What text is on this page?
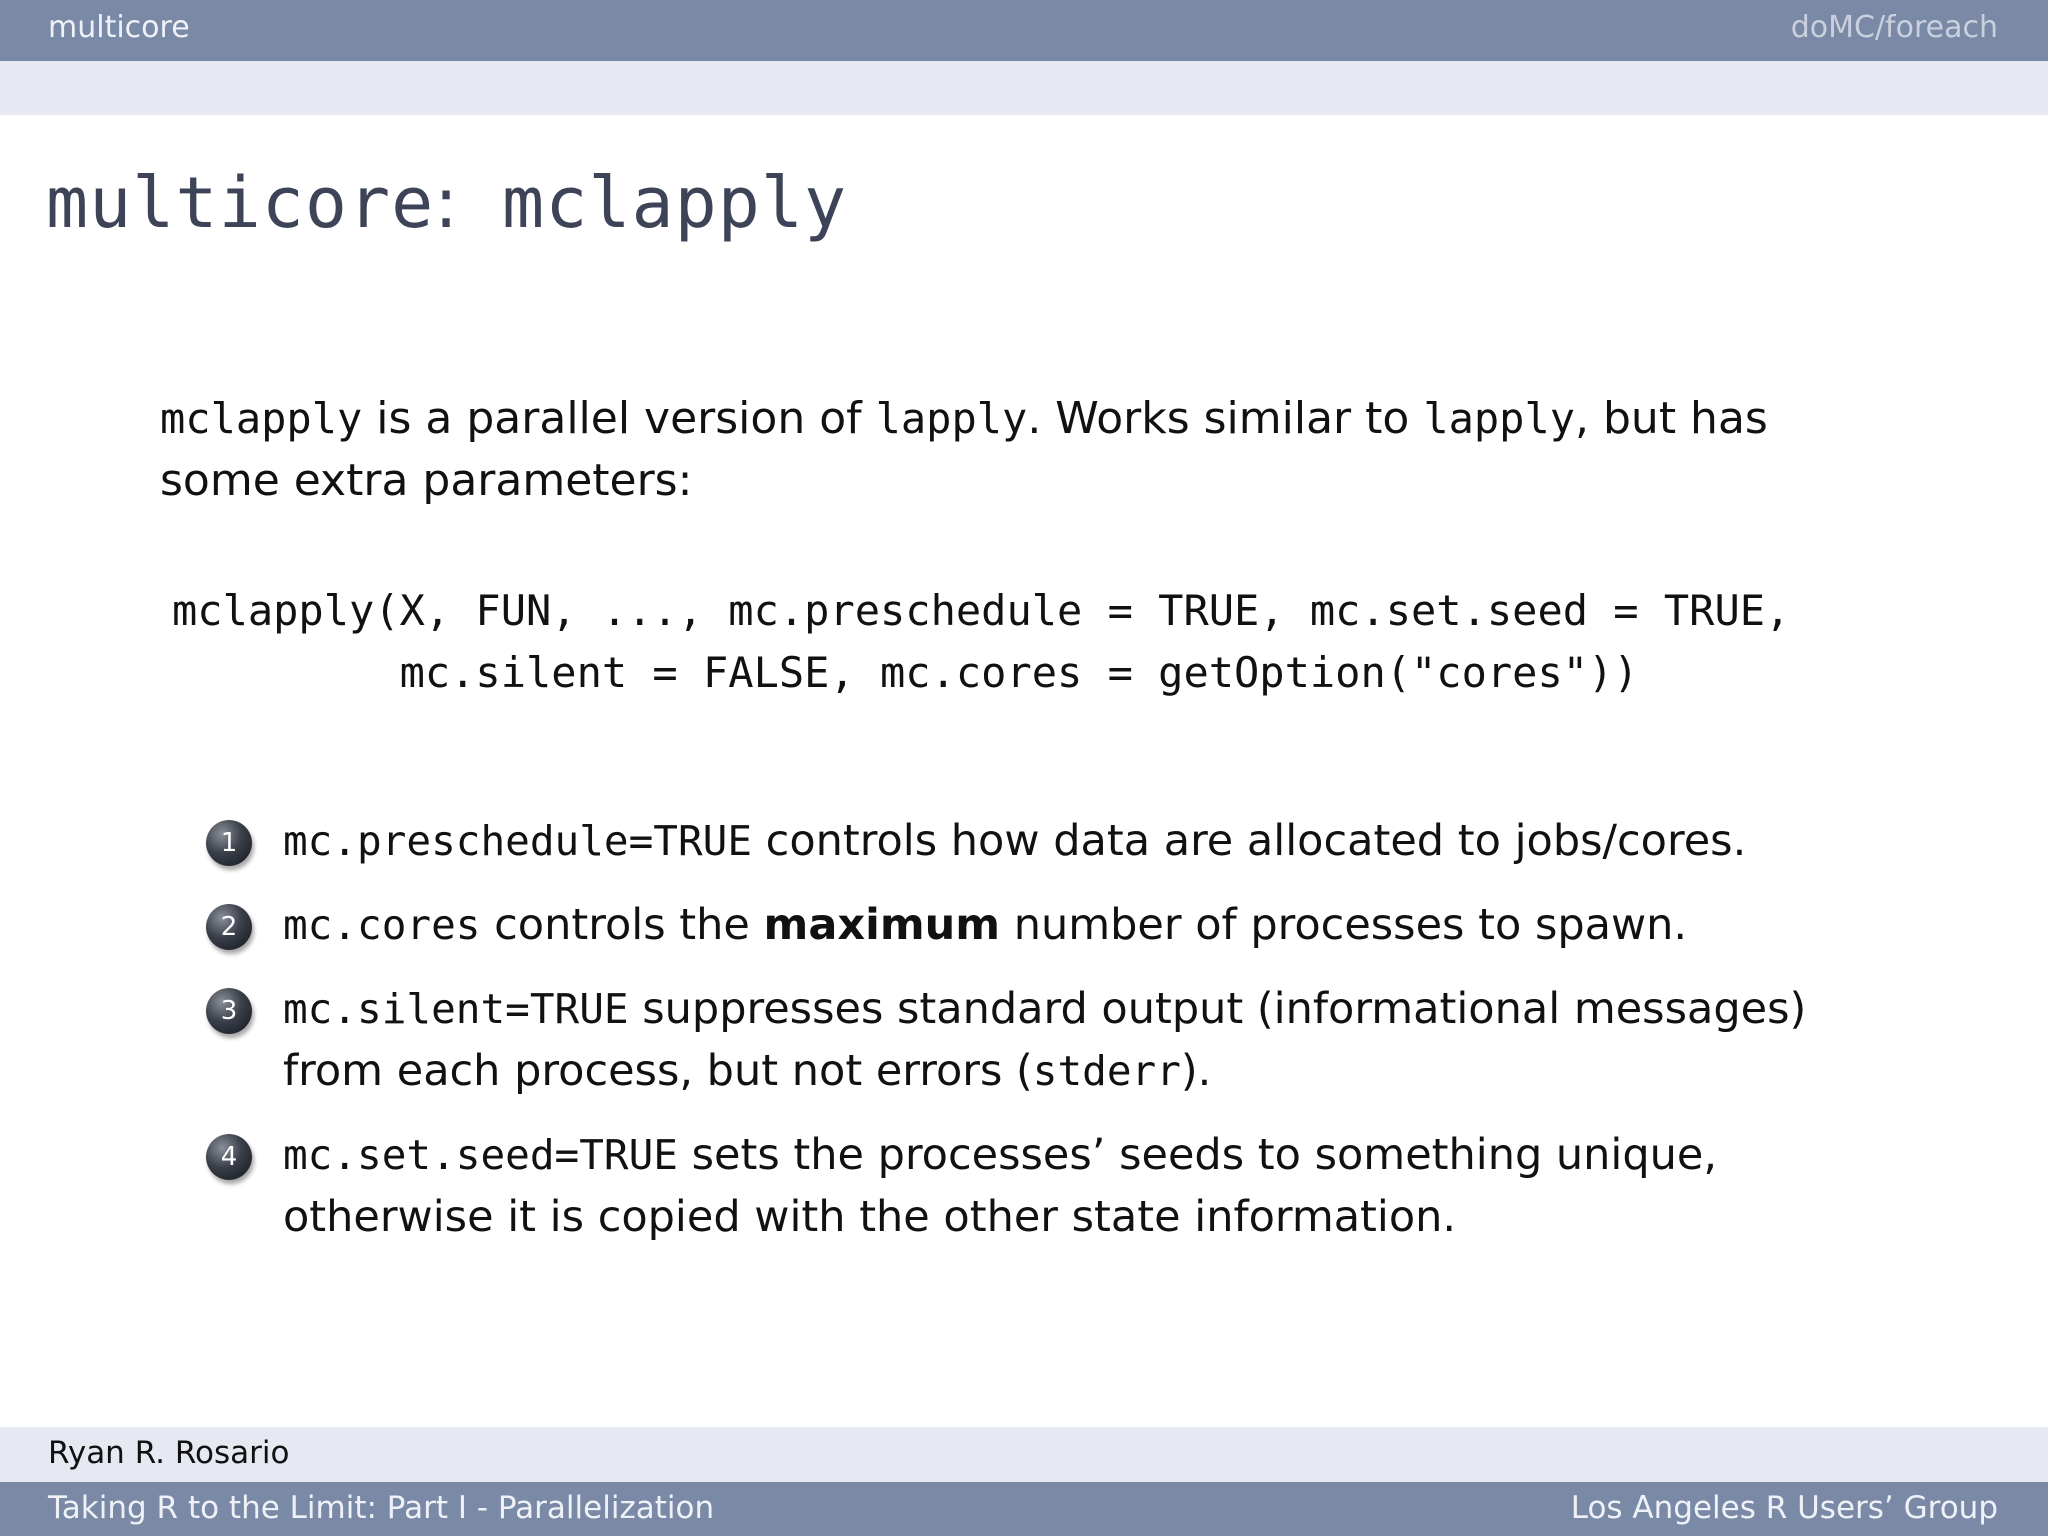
multicore	doMC/foreach
multicore: mclapply
mclapply is a parallel version of lapply. Works similar to lapply, but has some extra parameters:
mclapply(X, FUN, ..., mc.preschedule = TRUE, mc.set.seed = TRUE,
mc.silent = FALSE, mc.cores = getOption("cores"))
1	mc.preschedule=TRUE controls how data are allocated to jobs/cores.
2	mc.cores controls the maximum number of processes to spawn.
3	mc.silent=TRUE suppresses standard output (informational messages) from each process, but not errors (stderr).
4	mc.set.seed=TRUE sets the processes’ seeds to something unique, otherwise it is copied with the other state information.
Ryan R. Rosario
Taking R to the Limit: Part I - Parallelization	Los Angeles R Users’ Group
